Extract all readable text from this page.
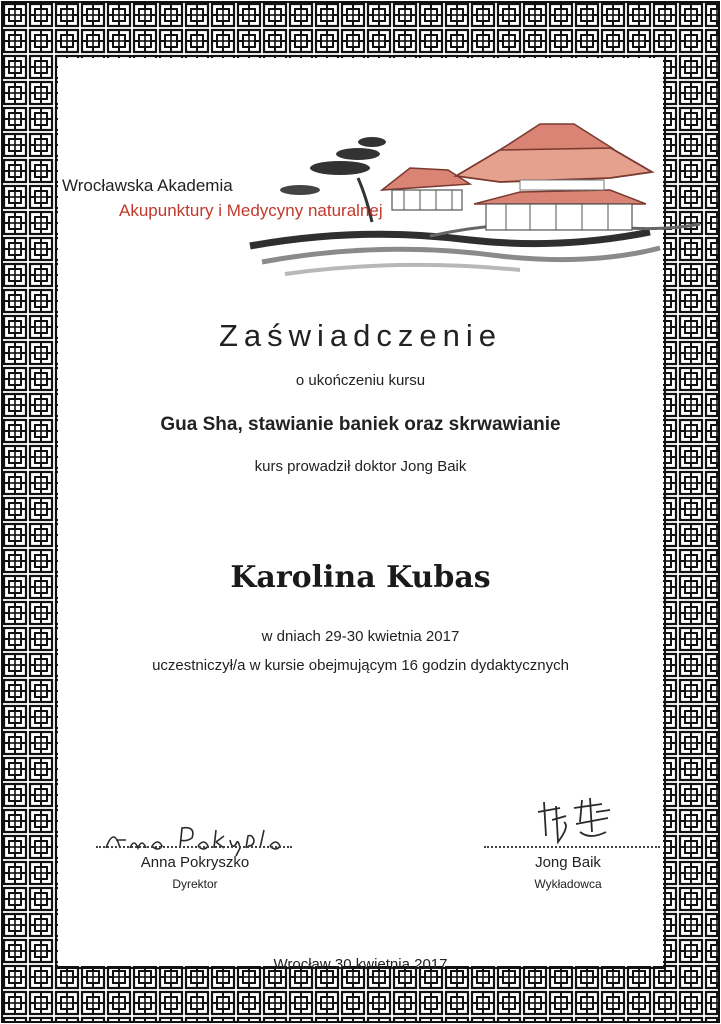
Wrocławska Akademia
Akupunktury i Medycyny naturalnej
Zaświadczenie

o ukończeniu kursu

Gua Sha, stawianie baniek oraz skrwawianie

kurs prowadził doktor Jong Baik

Karolina Kubas

w dniach 29-30 kwietnia 2017

uczestniczył/a w kursie obejmującym 16 godzin dydaktycznych

Anna Pokryszko
Dyrektor
Jong Baik
Wykładowca

Wrocław 30 kwietnia 2017
